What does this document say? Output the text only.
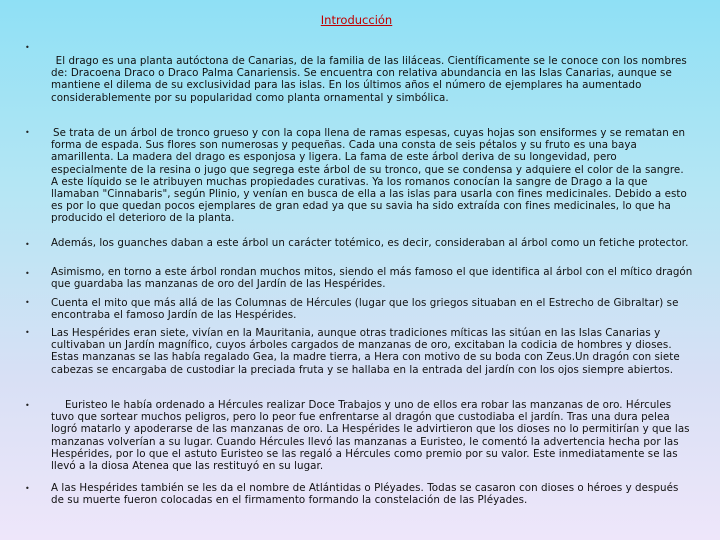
Introducción
•
El drago es una planta autóctona de Canarias, de la familia de las liláceas. Científicamente se le conoce con los nombres de: Dracoena Draco o Draco Palma Canariensis. Se encuentra con relativa abundancia en las Islas Canarias, aunque se mantiene el dilema de su exclusividad para las islas. En los últimos años el número de ejemplares ha aumentado considerablemente por su popularidad como planta ornamental y simbólica.
•	Se trata de un árbol de tronco grueso y con la copa llena de ramas espesas, cuyas hojas son ensiformes y se rematan en forma de espada. Sus flores son numerosas y pequeñas. Cada una consta de seis pétalos y su fruto es una baya amarillenta. La madera del drago es esponjosa y ligera. La fama de este árbol deriva de su longevidad, pero especialmente de la resina o jugo que segrega este árbol de su tronco, que se condensa y adquiere el color de la sangre. A este líquido se le atribuyen muchas propiedades curativas. Ya los romanos conocían la sangre de Drago a la que llamaban "Cinnabaris", según Plinio, y venían en busca de ella a las islas para usarla con fines medicinales. Debido a esto es por lo que quedan pocos ejemplares de gran edad ya que su savia ha sido extraída con fines medicinales, lo que ha producido el deterioro de la planta.
•	Además, los guanches daban a este árbol un carácter totémico, es decir, consideraban al árbol como un fetiche protector.
•	Asimismo, en torno a este árbol rondan muchos mitos, siendo el más famoso el que identifica al árbol con el mítico dragón que guardaba las manzanas de oro del Jardín de las Hespérides.
•	Cuenta el mito que más allá de las Columnas de Hércules (lugar que los griegos situaban en el Estrecho de Gibraltar) se encontraba el famoso Jardín de las Hespérides.
•	Las Hespérides eran siete, vivían en la Mauritania, aunque otras tradiciones míticas las sitúan en las Islas Canarias y cultivaban un Jardín magnífico, cuyos árboles cargados de manzanas de oro, excitaban la codicia de hombres y dioses. Estas manzanas se las había regalado Gea, la madre tierra, a Hera con motivo de su boda con Zeus.Un dragón con siete cabezas se encargaba de custodiar la preciada fruta y se hallaba en la entrada del jardín con los ojos siempre abiertos.
•	Euristeo le había ordenado a Hércules realizar Doce Trabajos y uno de ellos era robar las manzanas de oro. Hércules tuvo que sortear muchos peligros, pero lo peor fue enfrentarse al dragón que custodiaba el jardín. Tras una dura pelea logró matarlo y apoderarse de las manzanas de oro. La Hespérides le advirtieron que los dioses no lo permitirían y que las manzanas volverían a su lugar. Cuando Hércules llevó las manzanas a Euristeo, le comentó la advertencia hecha por las Hespérides, por lo que el astuto Euristeo se las regaló a Hércules como premio por su valor. Este inmediatamente se las llevó a la diosa Atenea que las restituyó en su lugar.
•	A las Hespérides también se les da el nombre de Atlántidas o Pléyades. Todas se casaron con dioses o héroes y después de su muerte fueron colocadas en el firmamento formando la constelación de las Pléyades.
